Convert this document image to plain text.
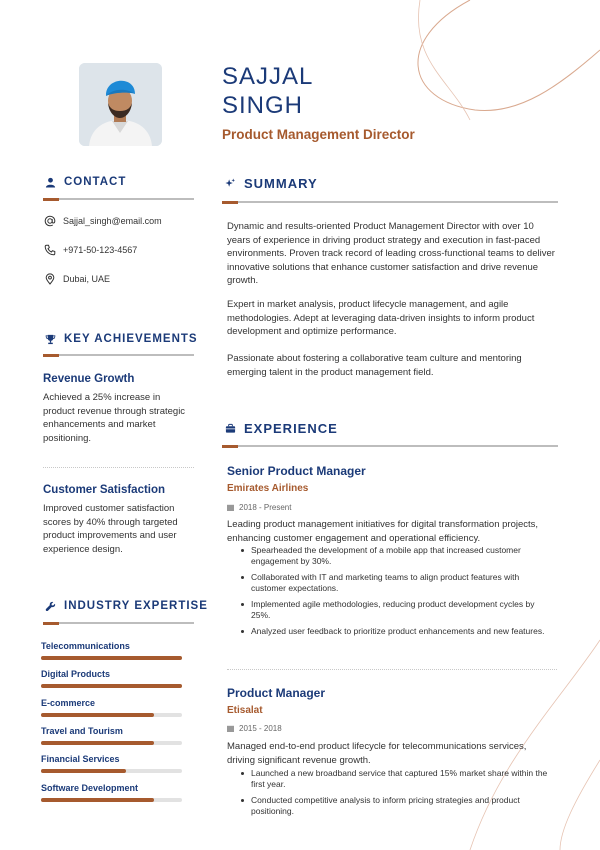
SAJJAL
SINGH
Product Management Director
CONTACT
Sajjal_singh@email.com
+971-50-123-4567
Dubai, UAE
KEY ACHIEVEMENTS
Revenue Growth
Achieved a 25% increase in product revenue through strategic enhancements and market positioning.
Customer Satisfaction
Improved customer satisfaction scores by 40% through targeted product improvements and user experience design.
INDUSTRY EXPERTISE
Telecommunications
Digital Products
E-commerce
Travel and Tourism
Financial Services
Software Development
SUMMARY
Dynamic and results-oriented Product Management Director with over 10 years of experience in driving product strategy and execution in fast-paced environments. Proven track record of leading cross-functional teams to deliver innovative solutions that enhance customer satisfaction and drive revenue growth.
Expert in market analysis, product lifecycle management, and agile methodologies. Adept at leveraging data-driven insights to inform product development and optimize performance.
Passionate about fostering a collaborative team culture and mentoring emerging talent in the product management field.
EXPERIENCE
Senior Product Manager
Emirates Airlines
2018 - Present
Leading product management initiatives for digital transformation projects, enhancing customer engagement and operational efficiency.
Spearheaded the development of a mobile app that increased customer engagement by 30%.
Collaborated with IT and marketing teams to align product features with customer expectations.
Implemented agile methodologies, reducing product development cycles by 25%.
Analyzed user feedback to prioritize product enhancements and new features.
Product Manager
Etisalat
2015 - 2018
Managed end-to-end product lifecycle for telecommunications services, driving significant revenue growth.
Launched a new broadband service that captured 15% market share within the first year.
Conducted competitive analysis to inform pricing strategies and product positioning.
